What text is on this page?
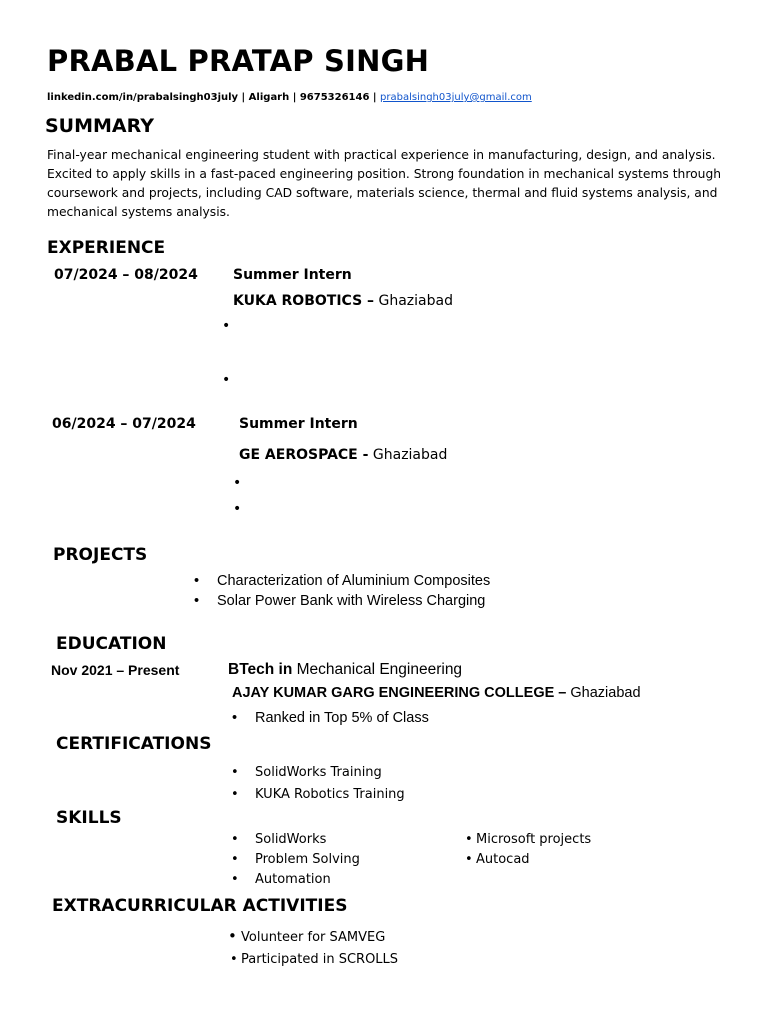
PRABAL PRATAP SINGH
linkedin.com/in/prabalsingh03july | Aligarh | 9675326146 | prabalsingh03july@gmail.com
SUMMARY
Final-year mechanical engineering student with practical experience in manufacturing, design, and analysis. Excited to apply skills in a fast-paced engineering position. Strong foundation in mechanical systems through coursework and projects, including CAD software, materials science, thermal and fluid systems analysis, and mechanical systems analysis.
EXPERIENCE
07/2024 – 08/2024	Summer Intern
KUKA ROBOTICS – Ghaziabad
•
•
06/2024 – 07/2024	Summer Intern
GE AEROSPACE - Ghaziabad
•
•
PROJECTS
• Characterization of Aluminium Composites
• Solar Power Bank with Wireless Charging
EDUCATION
Nov 2021 – Present	BTech in Mechanical Engineering
AJAY KUMAR GARG ENGINEERING COLLEGE – Ghaziabad
• Ranked in Top 5% of Class
CERTIFICATIONS
• SolidWorks Training
• KUKA Robotics Training
SKILLS
• SolidWorks
• Problem Solving
• Automation
• Microsoft projects
• Autocad
EXTRACURRICULAR ACTIVITIES
• Volunteer for SAMVEG
• Participated in SCROLLS
